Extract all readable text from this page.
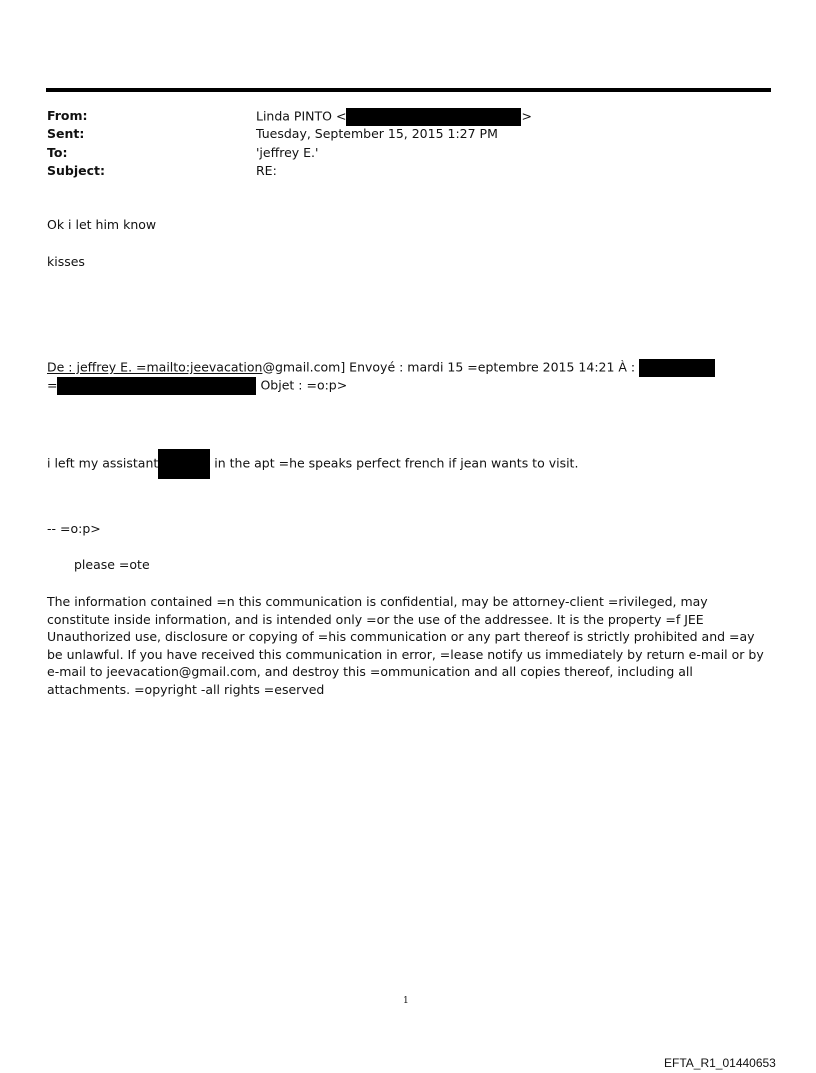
From:	Linda PINTO <	>
Sent:	Tuesday, September 15, 2015 1:27 PM
To:	'jeffrey E.'
Subject:	RE:
Ok i let him know
kisses
De : jeffrey E. =mailto:jeevacation@gmail.com] Envoyé : mardi 15 =eptembre 2015 14:21 À :
=	Objet : =o:p>
i left my assistant	in the apt =he speaks perfect french if jean wants to visit.
-- =o:p>
please =ote
The information contained =n this communication is confidential, may be attorney-client =rivileged, may constitute inside information, and is intended only =or the use of the addressee. It is the property =f JEE Unauthorized use, disclosure or copying of =his communication or any part thereof is strictly prohibited and =ay be unlawful. If you have received this communication in error, =lease notify us immediately by return e-mail or by e-mail to jeevacation@gmail.com, and destroy this =ommunication and all copies thereof, including all attachments. =opyright -all rights =eserved
1
EFTA_R1_01440653
